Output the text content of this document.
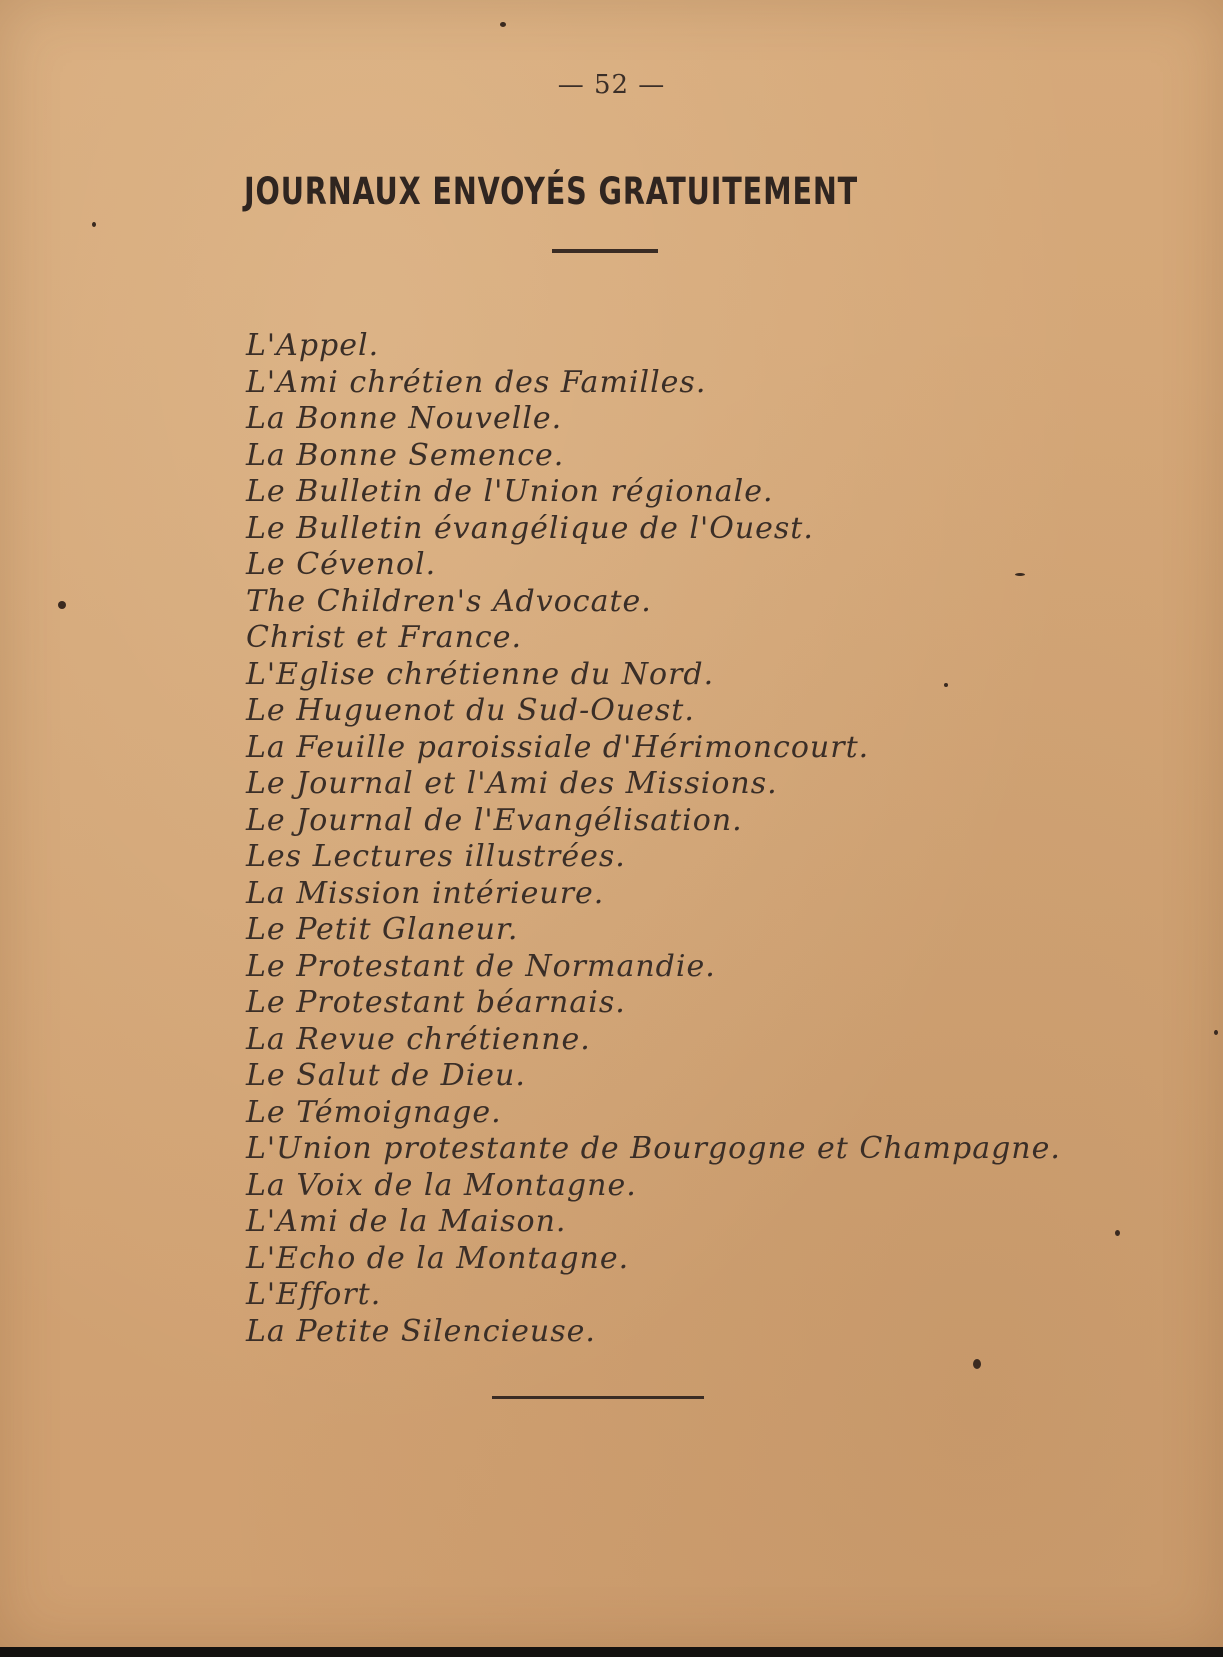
— 52 —
JOURNAUX ENVOYÉS GRATUITEMENT
L'Appel.
L'Ami chrétien des Familles.
La Bonne Nouvelle.
La Bonne Semence.
Le Bulletin de l'Union régionale.
Le Bulletin évangélique de l'Ouest.
Le Cévenol.
The Children's Advocate.
Christ et France.
L'Eglise chrétienne du Nord.
Le Huguenot du Sud-Ouest.
La Feuille paroissiale d'Hérimoncourt.
Le Journal et l'Ami des Missions.
Le Journal de l'Evangélisation.
Les Lectures illustrées.
La Mission intérieure.
Le Petit Glaneur.
Le Protestant de Normandie.
Le Protestant béarnais.
La Revue chrétienne.
Le Salut de Dieu.
Le Témoignage.
L'Union protestante de Bourgogne et Champagne.
La Voix de la Montagne.
L'Ami de la Maison.
L'Echo de la Montagne.
L'Effort.
La Petite Silencieuse.
